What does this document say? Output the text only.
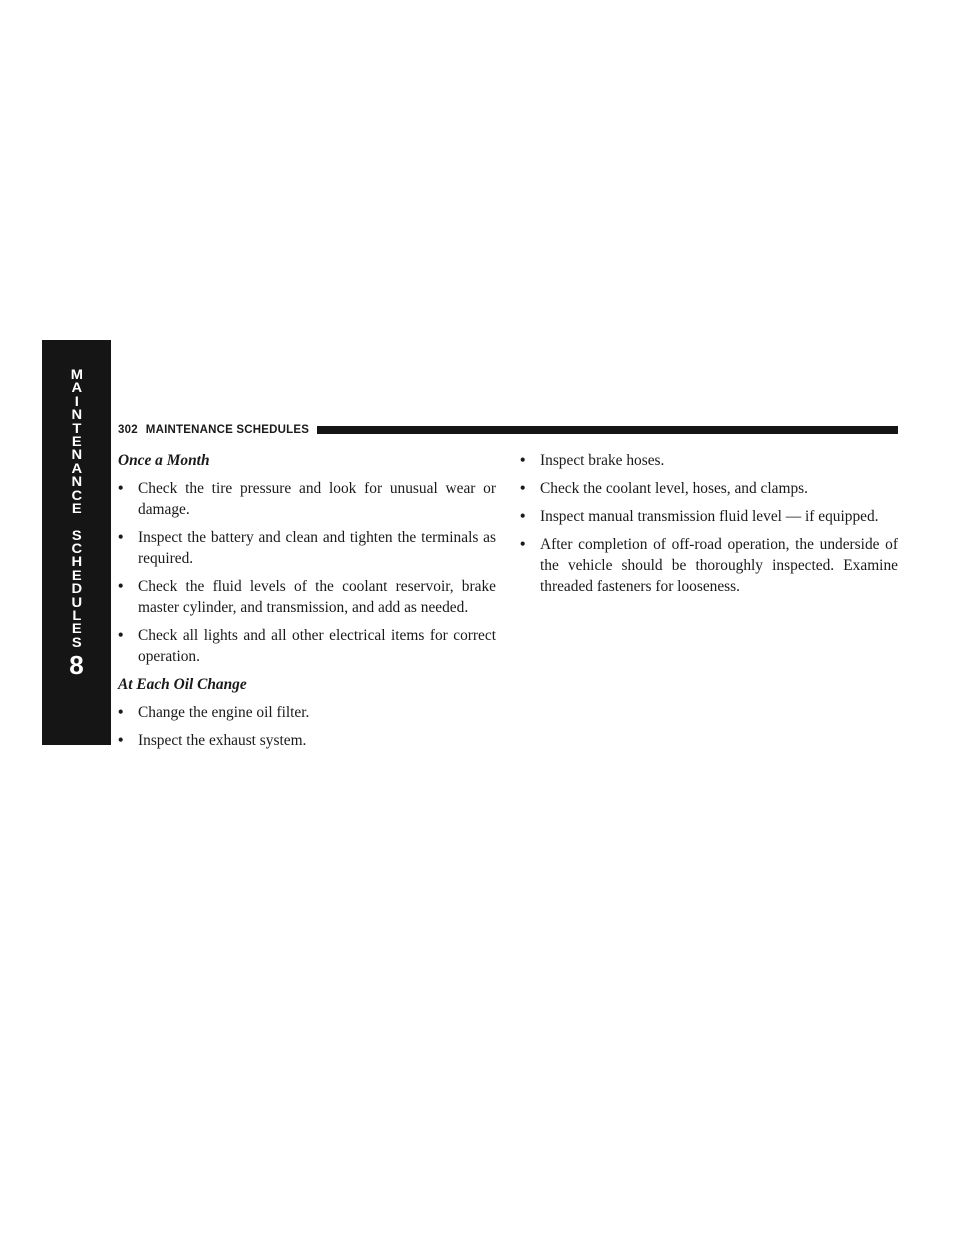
M
A
I
N
T
E
N
A
N
C
E
S
C
H
E
D
U
L
E
S
8
302 MAINTENANCE SCHEDULES

Once a Month

• Check the tire pressure and look for unusual wear or damage.
• Inspect the battery and clean and tighten the terminals as required.
• Check the fluid levels of the coolant reservoir, brake master cylinder, and transmission, and add as needed.
• Check all lights and all other electrical items for correct operation.

At Each Oil Change

• Change the engine oil filter.
• Inspect the exhaust system.
• Inspect brake hoses.
• Check the coolant level, hoses, and clamps.
• Inspect manual transmission fluid level — if equipped.
• After completion of off-road operation, the underside of the vehicle should be thoroughly inspected. Examine threaded fasteners for looseness.
